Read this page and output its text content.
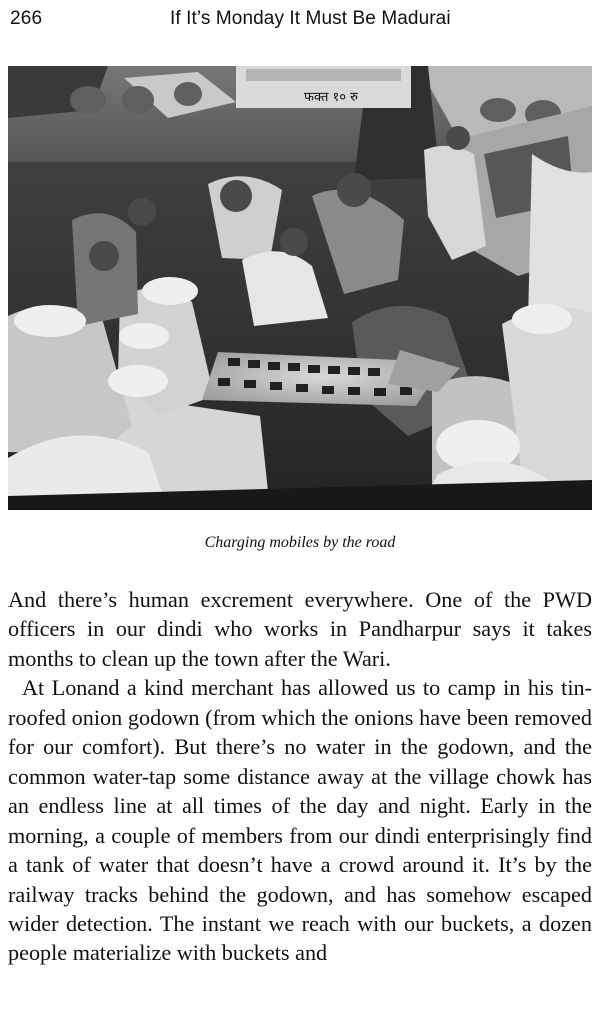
266	If It’s Monday It Must Be Madurai
फक्त १० रु
Charging mobiles by the road

And there’s human excrement everywhere. One of the PWD officers in our dindi who works in Pandharpur says it takes months to clean up the town after the Wari.

At Lonand a kind merchant has allowed us to camp in his tin-roofed onion godown (from which the onions have been removed for our comfort). But there’s no water in the godown, and the common water-tap some distance away at the village chowk has an endless line at all times of the day and night. Early in the morning, a couple of members from our dindi enterprisingly find a tank of water that doesn’t have a crowd around it. It’s by the railway tracks behind the godown, and has somehow escaped wider detection. The instant we reach with our buckets, a dozen people materialize with buckets and
